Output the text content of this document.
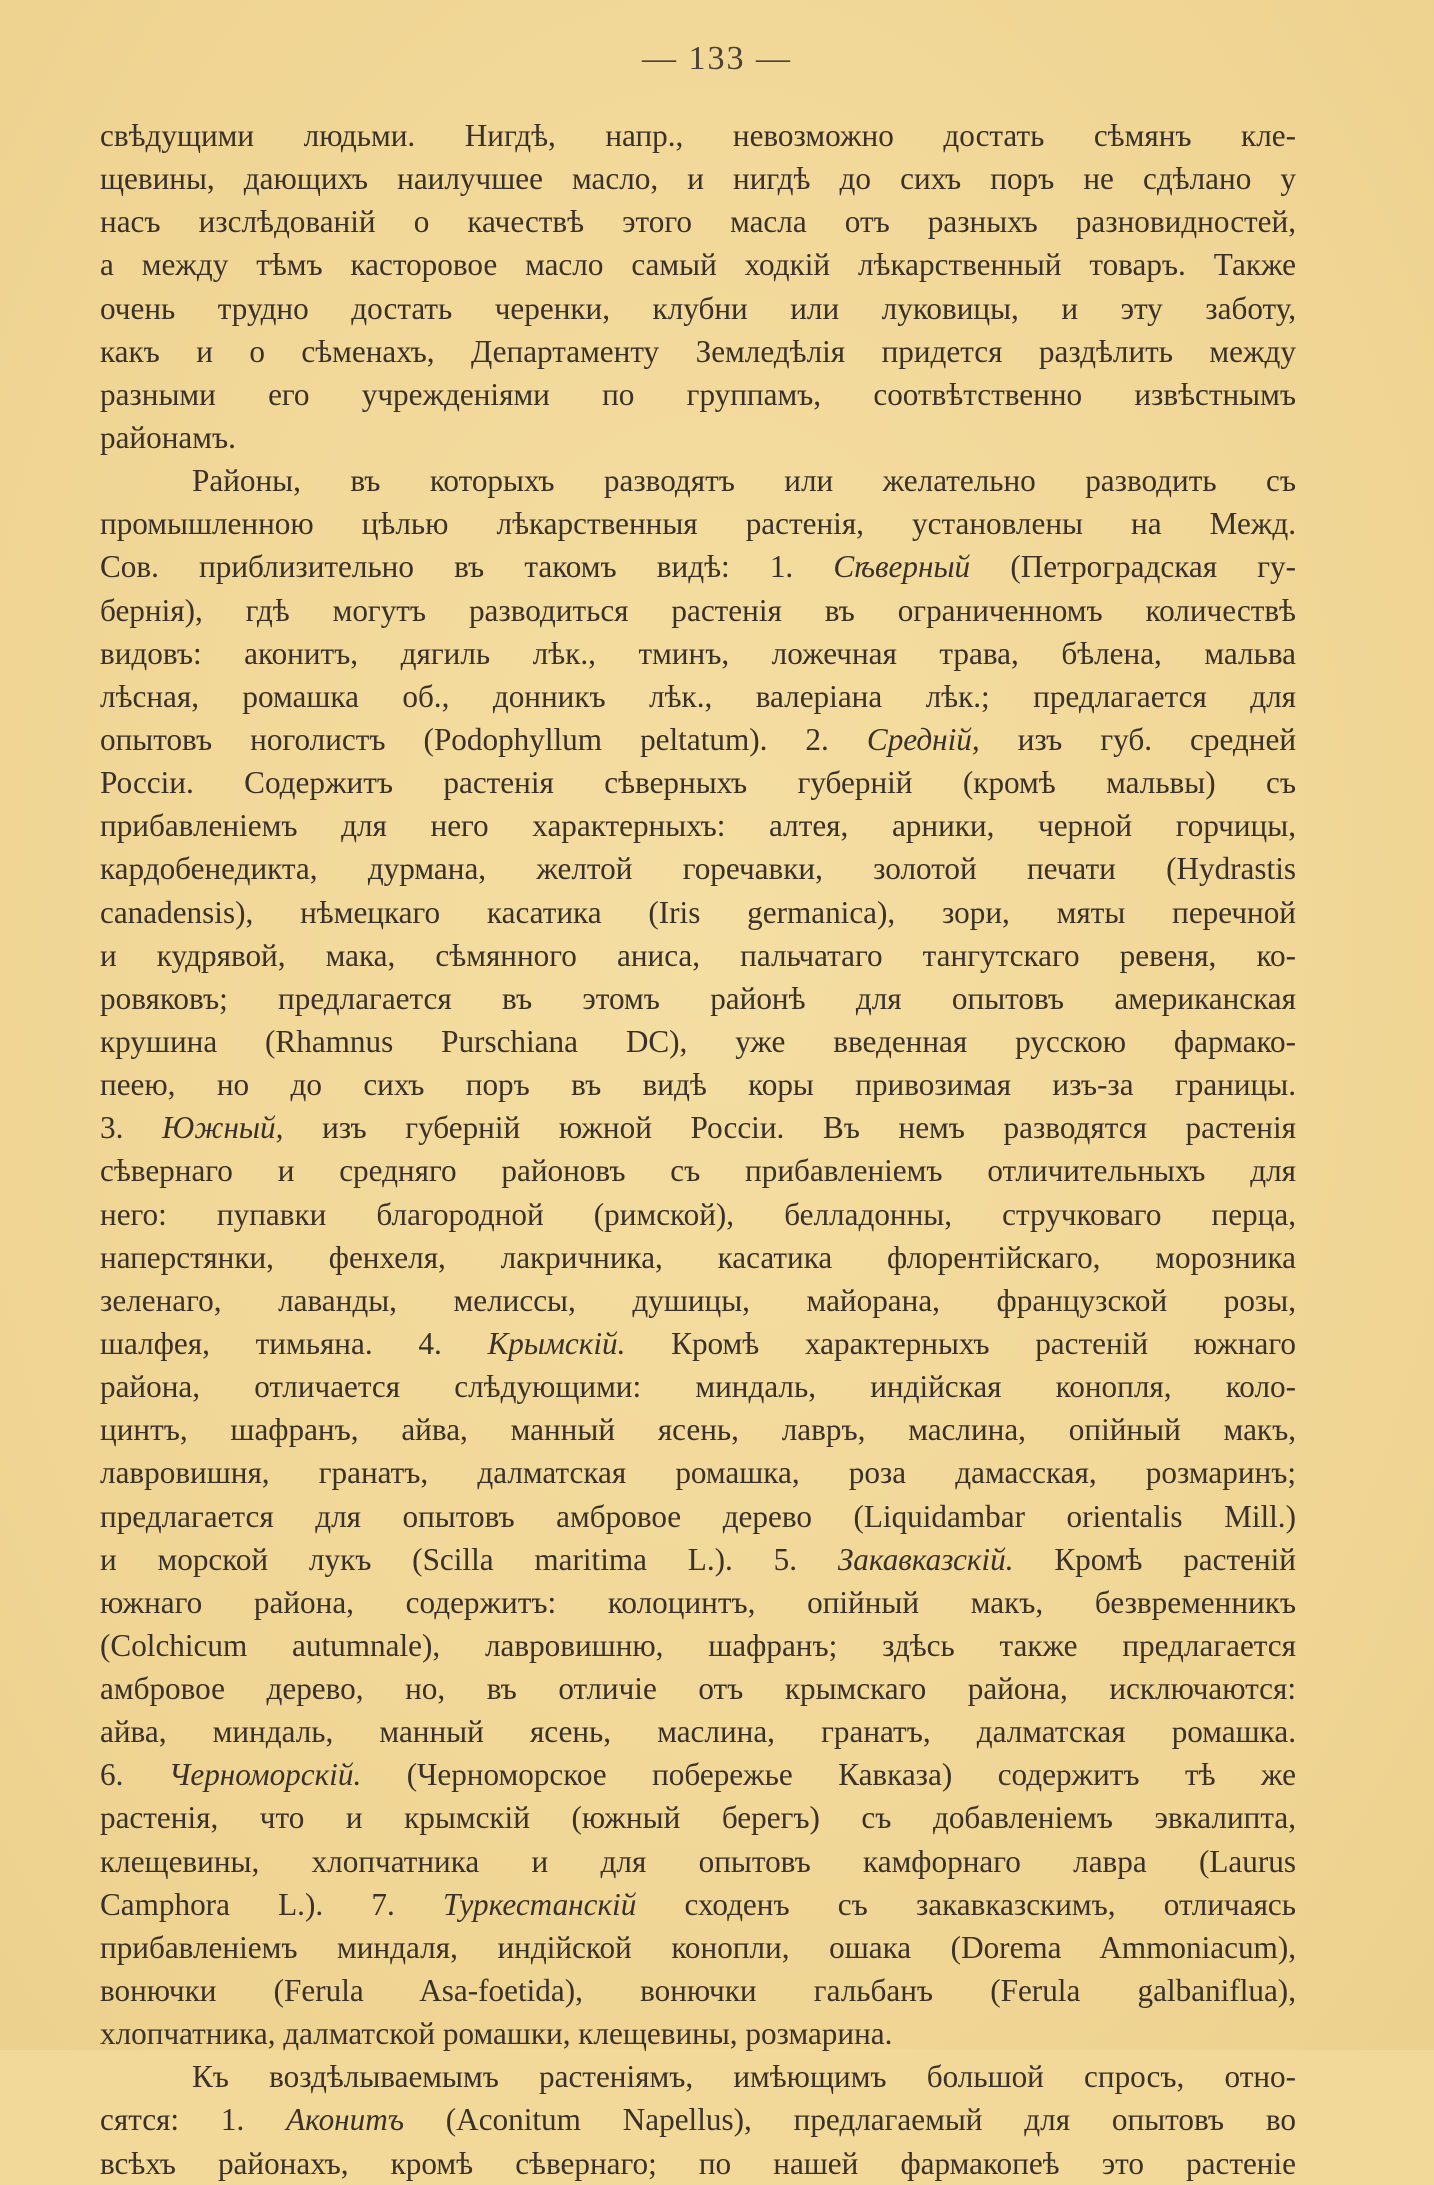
— 133 —
свѣдущими людьми. Нигдѣ, напр., невозможно достать сѣмянъ кле-
щевины, дающихъ наилучшее масло, и нигдѣ до сихъ поръ не сдѣлано у
насъ изслѣдованій о качествѣ этого масла отъ разныхъ разновидностей,
а между тѣмъ касторовое масло самый ходкій лѣкарственный товаръ. Также
очень трудно достать черенки, клубни или луковицы, и эту заботу,
какъ и о сѣменахъ, Департаменту Земледѣлія придется раздѣлить между
разными его учрежденіями по группамъ, соотвѣтственно извѣстнымъ
районамъ.
Районы, въ которыхъ разводятъ или желательно разводить съ
промышленною цѣлью лѣкарственныя растенія, установлены на Межд.
Сов. приблизительно въ такомъ видѣ: 1. Сѣверный (Петроградская гу-
бернія), гдѣ могутъ разводиться растенія въ ограниченномъ количествѣ
видовъ: аконитъ, дягиль лѣк., тминъ, ложечная трава, бѣлена, мальва
лѣсная, ромашка об., донникъ лѣк., валеріана лѣк.; предлагается для
опытовъ ноголистъ (Podophyllum peltatum). 2. Средній, изъ губ. средней
Россіи. Содержитъ растенія сѣверныхъ губерній (кромѣ мальвы) съ
прибавленіемъ для него характерныхъ: алтея, арники, черной горчицы,
кардобенедикта, дурмана, желтой горечавки, золотой печати (Hydrastis
canadensis), нѣмецкаго касатика (Iris germanica), зори, мяты перечной
и кудрявой, мака, сѣмянного аниса, пальчатаго тангутскаго ревеня, ко-
ровяковъ; предлагается въ этомъ районѣ для опытовъ американская
крушина (Rhamnus Purschiana DC), уже введенная русскою фармако-
пеею, но до сихъ поръ въ видѣ коры привозимая изъ-за границы.
3. Южный, изъ губерній южной Россіи. Въ немъ разводятся растенія
сѣвернаго и средняго районовъ съ прибавленіемъ отличительныхъ для
него: пупавки благородной (римской), белладонны, стручковаго перца,
наперстянки, фенхеля, лакричника, касатика флорентійскаго, морозника
зеленаго, лаванды, мелиссы, душицы, майорана, французской розы,
шалфея, тимьяна. 4. Крымскій. Кромѣ характерныхъ растеній южнаго
района, отличается слѣдующими: миндаль, индійская конопля, коло-
цинтъ, шафранъ, айва, манный ясень, лавръ, маслина, опійный макъ,
лавровишня, гранатъ, далматская ромашка, роза дамасская, розмаринъ;
предлагается для опытовъ амбровое дерево (Liquidambar orientalis Mill.)
и морской лукъ (Scilla maritima L.). 5. Закавказскій. Кромѣ растеній
южнаго района, содержитъ: колоцинтъ, опійный макъ, безвременникъ
(Colchicum autumnale), лавровишню, шафранъ; здѣсь также предлагается
амбровое дерево, но, въ отличіе отъ крымскаго района, исключаются:
айва, миндаль, манный ясень, маслина, гранатъ, далматская ромашка.
6. Черноморскій. (Черноморское побережье Кавказа) содержитъ тѣ же
растенія, что и крымскій (южный берегъ) съ добавленіемъ эвкалипта,
клещевины, хлопчатника и для опытовъ камфорнаго лавра (Laurus
Camphora L.). 7. Туркестанскій сходенъ съ закавказскимъ, отличаясь
прибавленіемъ миндаля, индійской конопли, ошака (Dorema Ammoniacum),
вонючки (Ferula Asa-foetida), вонючки гальбанъ (Ferula galbaniflua),
хлопчатника, далматской ромашки, клещевины, розмарина.
Къ воздѣлываемымъ растеніямъ, имѣющимъ большой спросъ, отно-
сятся: 1. Аконитъ (Aconitum Napellus), предлагаемый для опытовъ во
всѣхъ районахъ, кромѣ сѣвернаго; по нашей фармакопеѣ это растеніе
